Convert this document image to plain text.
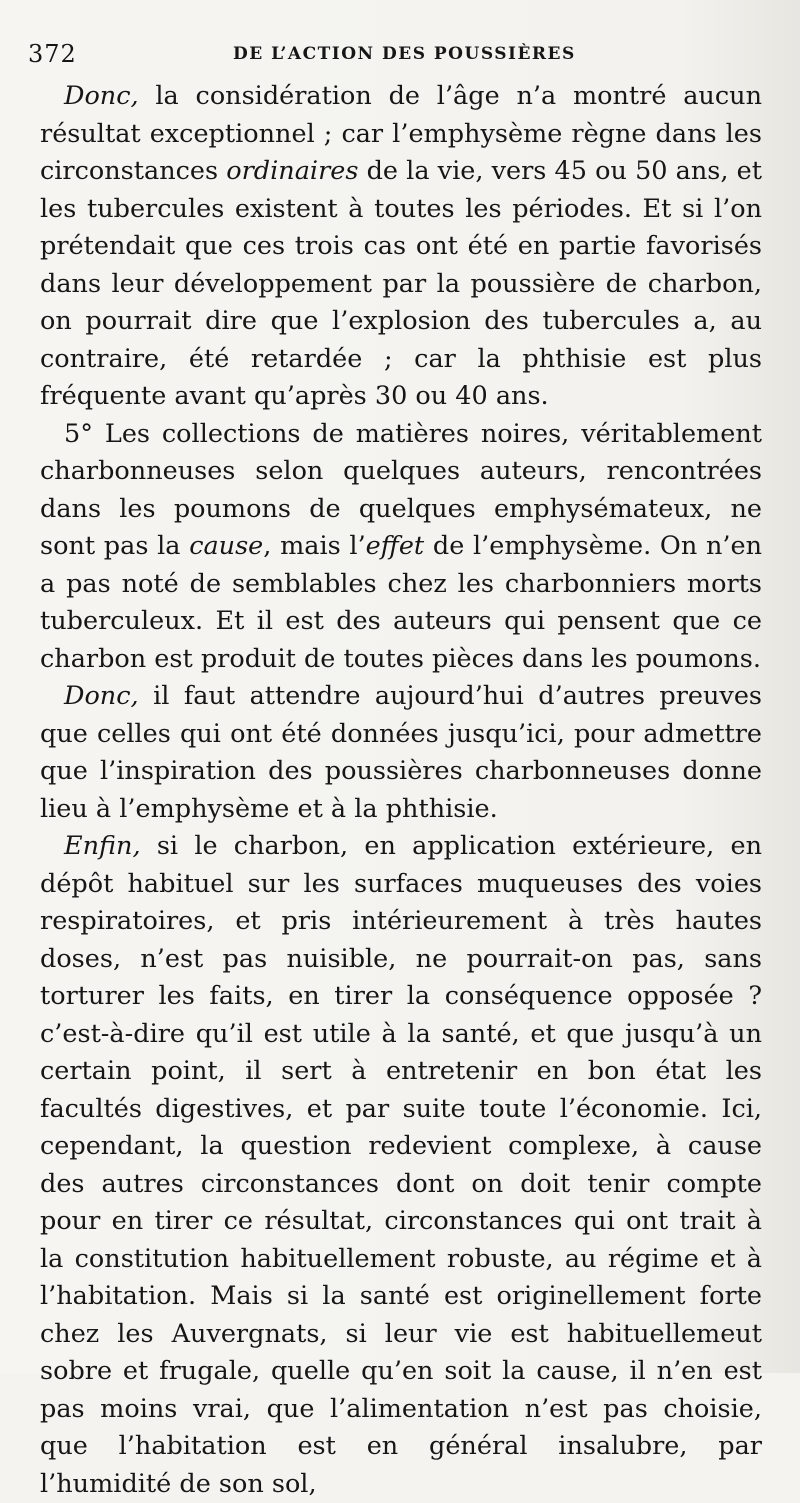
372	DE L’ACTION DES POUSSIÈRES

Donc, la considération de l’âge n’a montré aucun résultat exceptionnel ; car l’emphysème règne dans les circonstances ordinaires de la vie, vers 45 ou 50 ans, et les tubercules existent à toutes les périodes. Et si l’on prétendait que ces trois cas ont été en partie favorisés dans leur développement par la poussière de charbon, on pourrait dire que l’explosion des tubercules a, au contraire, été retardée ; car la phthisie est plus fréquente avant qu’après 30 ou 40 ans.

5° Les collections de matières noires, véritablement charbonneuses selon quelques auteurs, rencontrées dans les poumons de quelques emphysémateux, ne sont pas la cause, mais l’effet de l’emphysème. On n’en a pas noté de semblables chez les charbonniers morts tuberculeux. Et il est des auteurs qui pensent que ce charbon est produit de toutes pièces dans les poumons.

Donc, il faut attendre aujourd’hui d’autres preuves que celles qui ont été données jusqu’ici, pour admettre que l’inspiration des poussières charbonneuses donne lieu à l’emphysème et à la phthisie.

Enfin, si le charbon, en application extérieure, en dépôt habituel sur les surfaces muqueuses des voies respiratoires, et pris intérieurement à très hautes doses, n’est pas nuisible, ne pourrait-on pas, sans torturer les faits, en tirer la conséquence opposée ? c’est-à-dire qu’il est utile à la santé, et que jusqu’à un certain point, il sert à entretenir en bon état les facultés digestives, et par suite toute l’économie. Ici, cependant, la question redevient complexe, à cause des autres circonstances dont on doit tenir compte pour en tirer ce résultat, circonstances qui ont trait à la constitution habituellement robuste, au régime et à l’habitation. Mais si la santé est originellement forte chez les Auvergnats, si leur vie est habituellemeut sobre et frugale, quelle qu’en soit la cause, il n’en est pas moins vrai, que l’alimentation n’est pas choisie, que l’habitation est en général insalubre, par l’humidité de son sol,
